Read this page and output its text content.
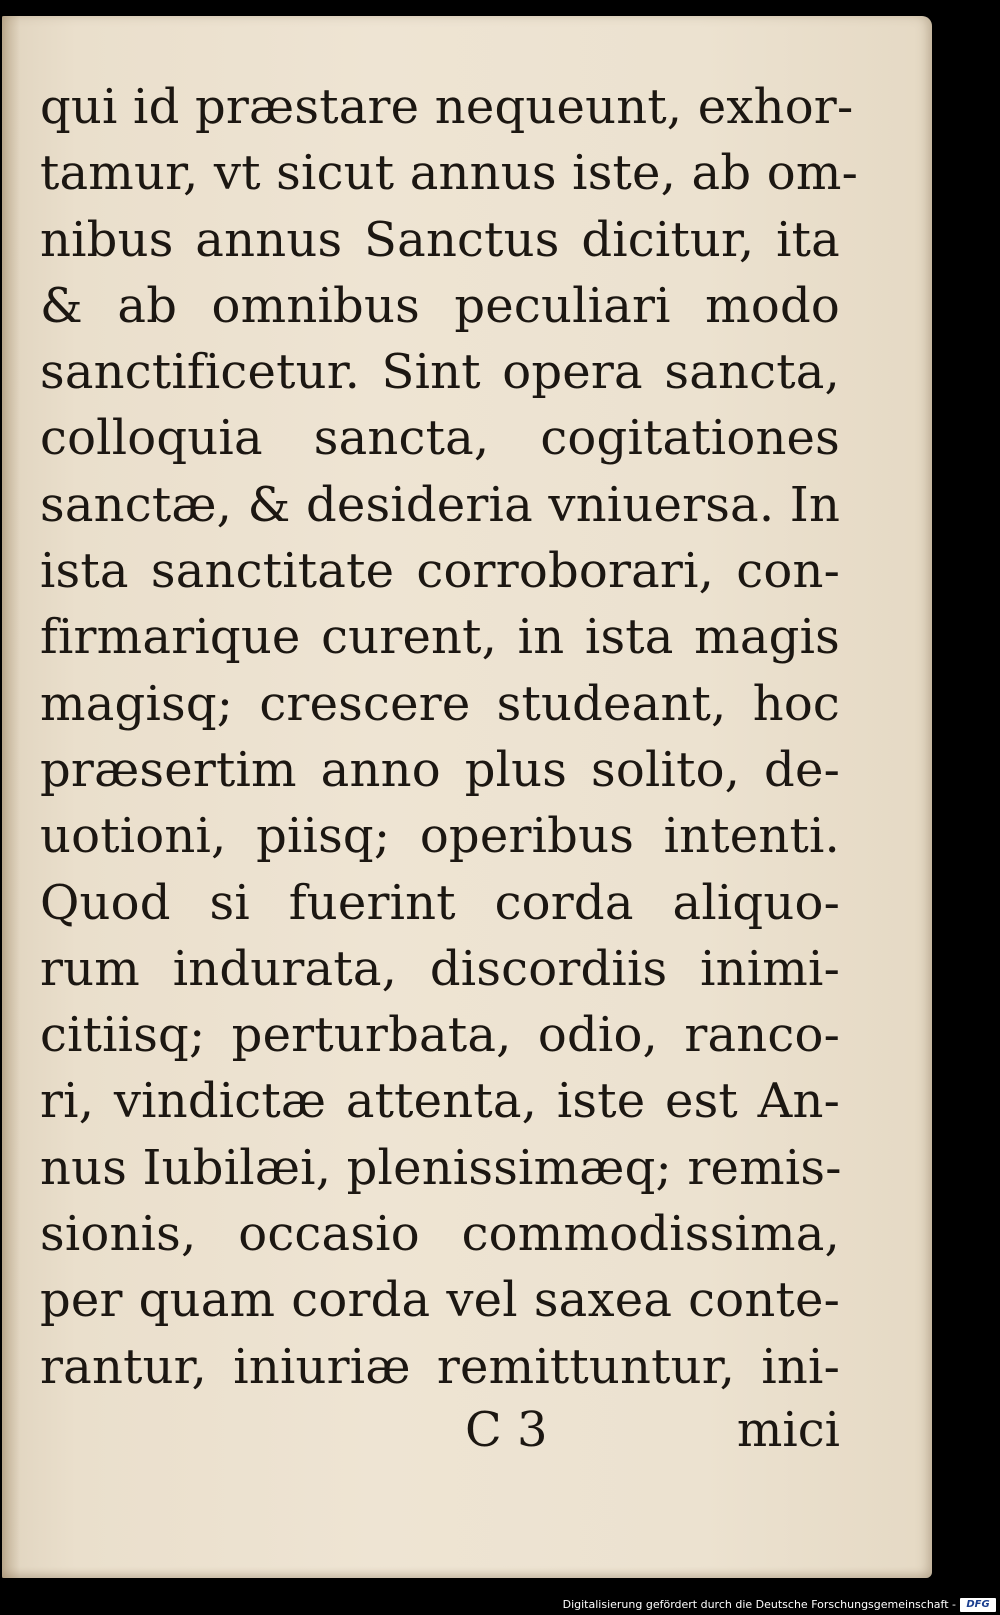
qui id præstare nequeunt, exhor-
tamur, vt sicut annus iste, ab om-
nibus annus Sanctus dicitur, ita
& ab omnibus peculiari modo
sanctificetur. Sint opera sancta,
colloquia sancta, cogitationes
sanctæ, & desideria vniuersa. In
ista sanctitate corroborari, con-
firmarique curent, in ista magis
magisq; crescere studeant, hoc
præsertim anno plus solito, de-
uotioni, piisq; operibus intenti.
Quod si fuerint corda aliquo-
rum indurata, discordiis inimi-
citiisq; perturbata, odio, ranco-
ri, vindictæ attenta, iste est An-
nus Iubilæi, plenissimæq; remis-
sionis, occasio commodissima,
per quam corda vel saxea conte-
rantur, iniuriæ remittuntur, ini-
C 3	mici
Digitalisierung gefördert durch die Deutsche Forschungsgemeinschaft -	DFG
